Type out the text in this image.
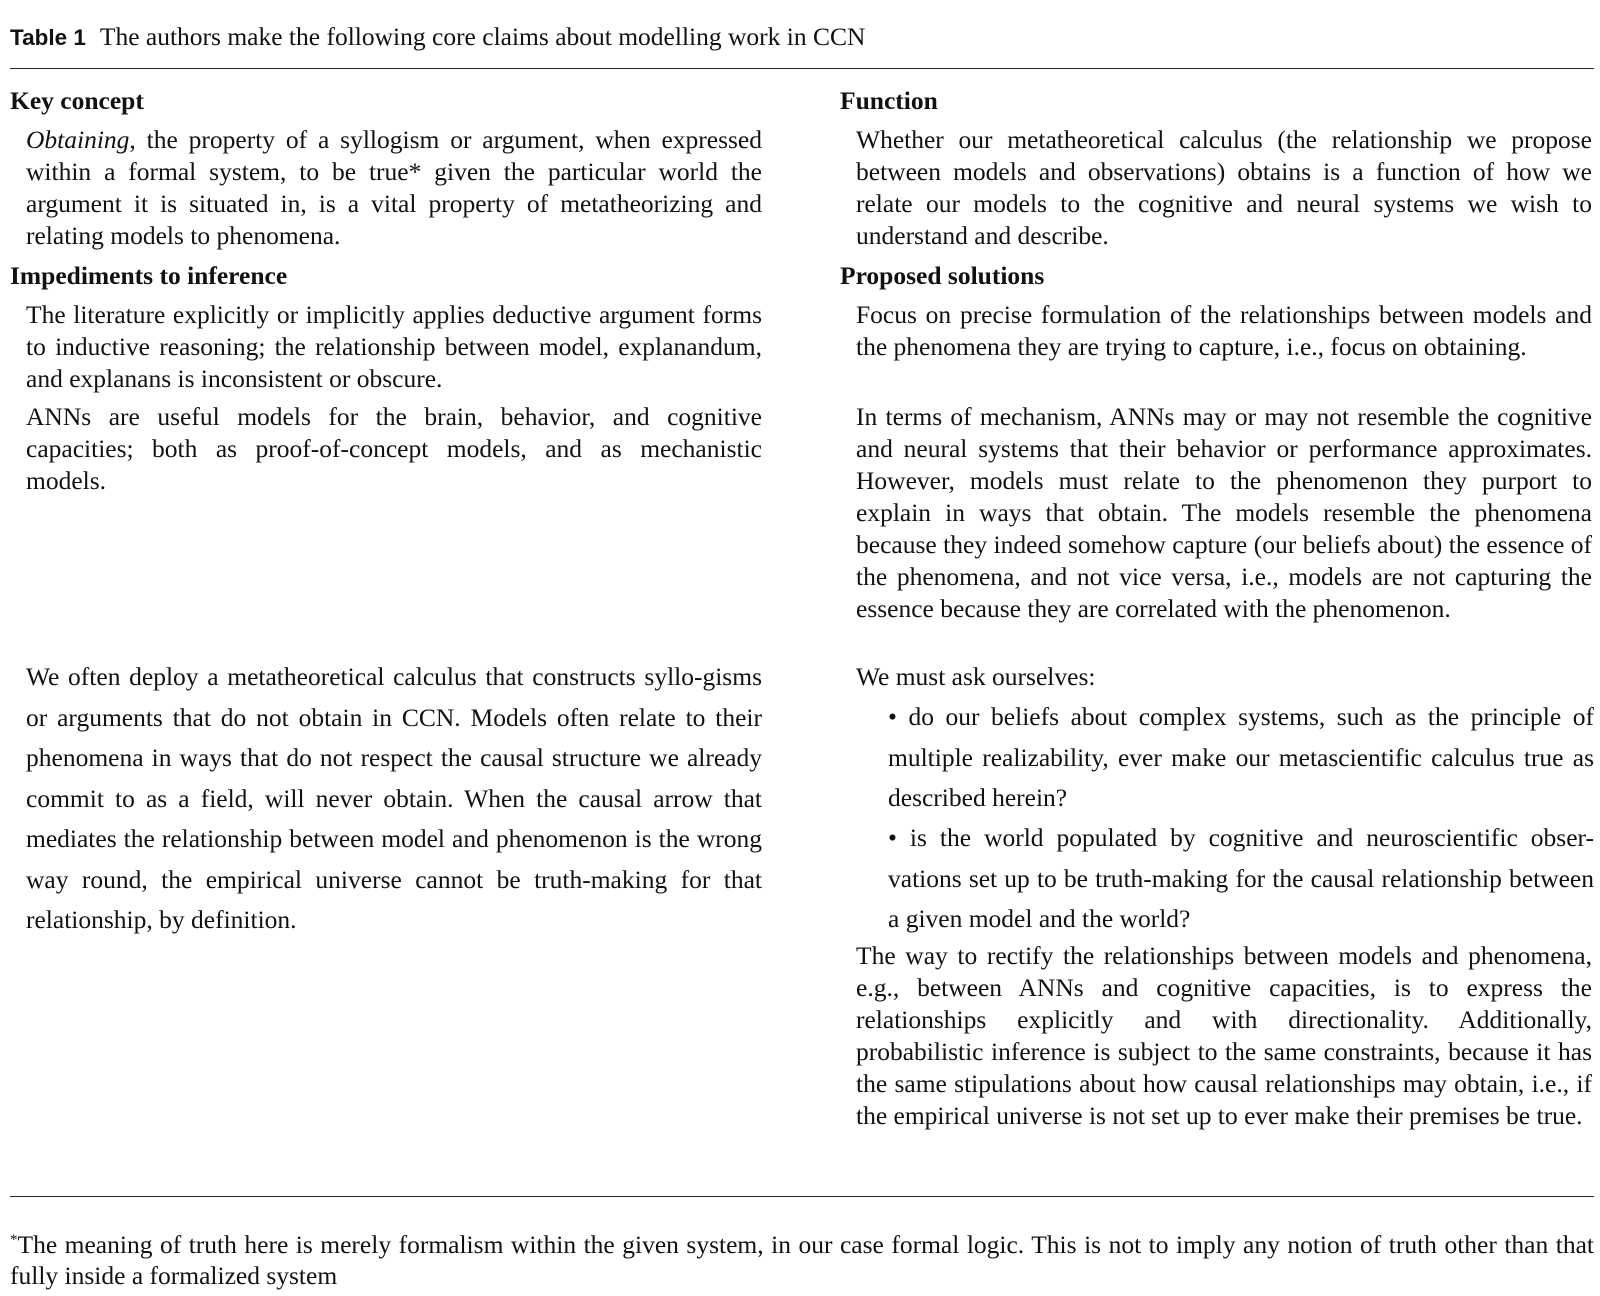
Table 1 The authors make the following core claims about modelling work in CCN
Key concept	Function
Obtaining, the property of a syllogism or argument, when expressed within a formal system, to be true* given the particular world the argument it is situated in, is a vital property of metatheorizing and relating models to phenomena.
Whether our metatheoretical calculus (the relationship we propose between models and observations) obtains is a function of how we relate our models to the cognitive and neural systems we wish to understand and describe.
Impediments to inference	Proposed solutions
The literature explicitly or implicitly applies deductive argument forms to inductive reasoning; the relationship between model, explanandum, and explanans is inconsistent or obscure.
Focus on precise formulation of the relationships between models and the phenomena they are trying to capture, i.e., focus on obtaining.
ANNs are useful models for the brain, behavior, and cognitive capacities; both as proof-of-concept models, and as mechanistic models.
In terms of mechanism, ANNs may or may not resemble the cognitive and neural systems that their behavior or performance approximates. However, models must relate to the phenomenon they purport to explain in ways that obtain. The models resemble the phenomena because they indeed somehow capture (our beliefs about) the essence of the phenomena, and not vice versa, i.e., models are not capturing the essence because they are correlated with the phenomenon.
We often deploy a metatheoretical calculus that constructs syllo-gisms or arguments that do not obtain in CCN. Models often relate to their phenomena in ways that do not respect the causal structure we already commit to as a field, will never obtain. When the causal arrow that mediates the relationship between model and phenomenon is the wrong way round, the empirical universe cannot be truth-making for that relationship, by definition.
We must ask ourselves:
• do our beliefs about complex systems, such as the principle of multiple realizability, ever make our metascientific calculus true as described herein?
• is the world populated by cognitive and neuroscientific obser-vations set up to be truth-making for the causal relationship between a given model and the world?
The way to rectify the relationships between models and phenomena, e.g., between ANNs and cognitive capacities, is to express the relationships explicitly and with directionality. Additionally, probabilistic inference is subject to the same constraints, because it has the same stipulations about how causal relationships may obtain, i.e., if the empirical universe is not set up to ever make their premises be true.
*The meaning of truth here is merely formalism within the given system, in our case formal logic. This is not to imply any notion of truth other than that fully inside a formalized system
